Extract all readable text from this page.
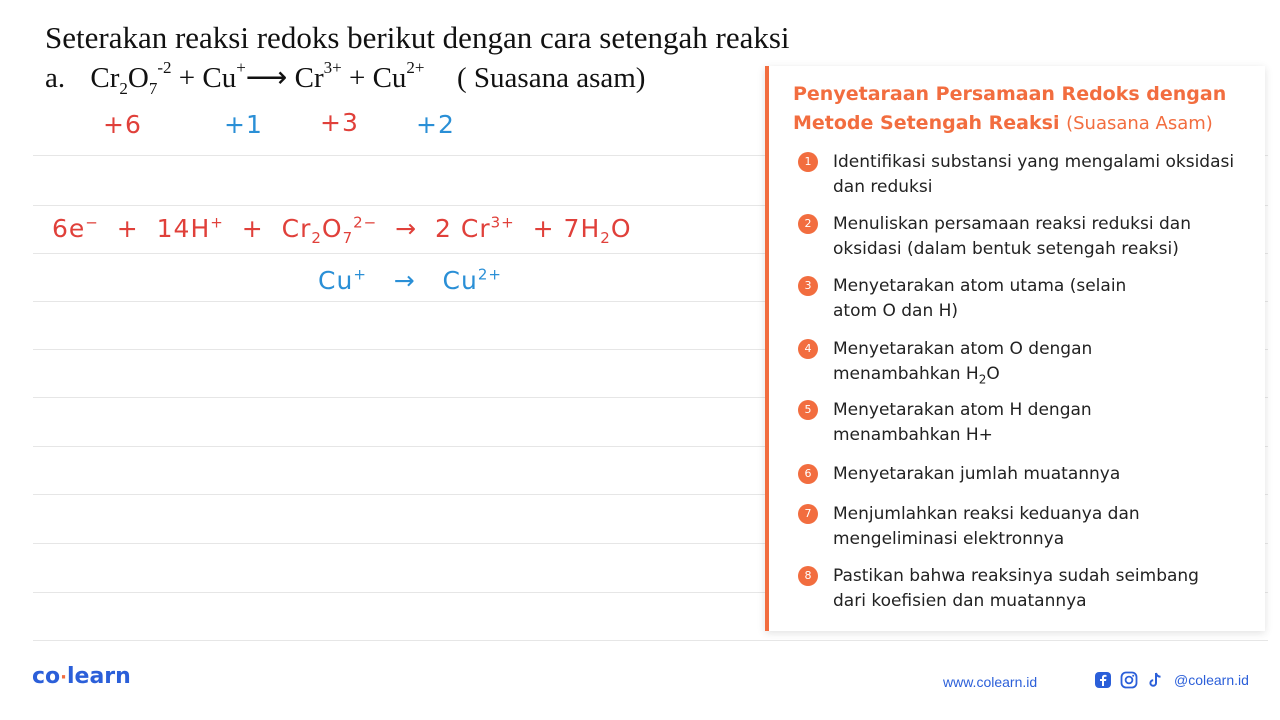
Seterakan reaksi redoks berikut dengan cara setengah reaksi
a. $Cr_2O_7^{-2}$ + Cu+⟶ $Cr^{3+} + Cu^{2+}$ ( Suasana asam)
+6	+1 +3 +2
$6e^- + 14H^+ + Cr_2O_7^{2-} \to 2$ $Cr^{3+} + 7H_2O$
$Cu^+ \to Cu^{2+}$
Penyetaraan Persamaan Redoks dengan Metode Setengah Reaksi (Suasana Asam)
1	Identifikasi substansi yang mengalami oksidasi dan reduksi
2	Menuliskan persamaan reaksi reduksi dan oksidasi (dalam bentuk setengah reaksi)
3	Menyetarakan atom utama (selain atom O dan H)
4	Menyetarakan atom O dengan menambahkan $H_2O$
5	Menyetarakan atom H dengan menambahkan H+
6	Menyetarakan jumlah muatannya
7	Menjumlahkan reaksi keduanya dan mengeliminasi elektronnya
8	Pastikan bahwa reaksinya sudah seimbang dari koefisien dan muatannya
co·learn	www.colearn.id	@colearn.id
